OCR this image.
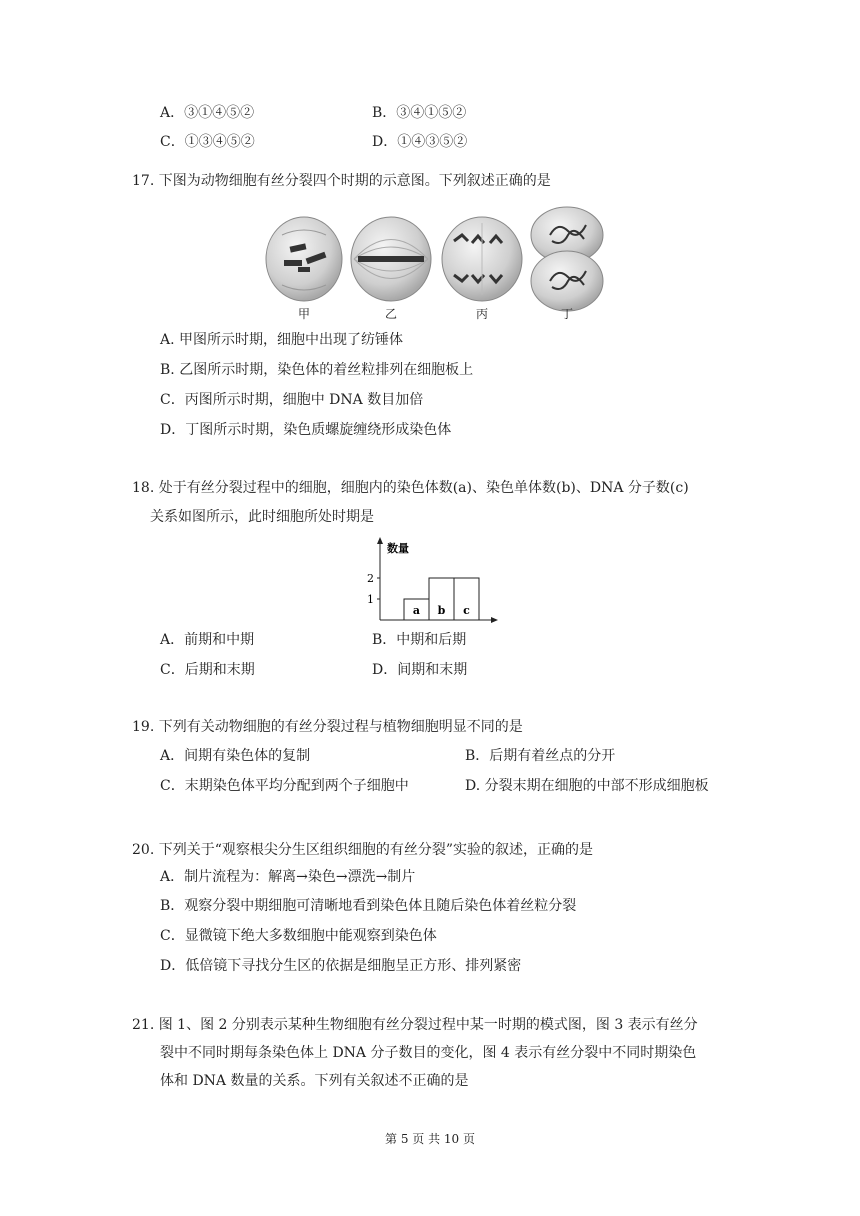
A．③①④⑤②	B．③④①⑤②
C．①③④⑤②	D．①④③⑤②
17. 下图为动物细胞有丝分裂四个时期的示意图。下列叙述正确的是
甲	乙	丙	丁
A. 甲图所示时期，细胞中出现了纺锤体
B. 乙图所示时期，染色体的着丝粒排列在细胞板上
C．丙图所示时期，细胞中 DNA 数目加倍
D．丁图所示时期，染色质螺旋缠绕形成染色体
18. 处于有丝分裂过程中的细胞，细胞内的染色体数(a)、染色单体数(b)、DNA 分子数(c)
关系如图所示，此时细胞所处时期是
数量
1
2
a b c
A．前期和中期	B．中期和后期
C．后期和末期	D．间期和末期
19. 下列有关动物细胞的有丝分裂过程与植物细胞明显不同的是
A．间期有染色体的复制	B．后期有着丝点的分开
C．末期染色体平均分配到两个子细胞中	D. 分裂末期在细胞的中部不形成细胞板
20. 下列关于“观察根尖分生区组织细胞的有丝分裂”实验的叙述，正确的是
A．制片流程为：解离→染色→漂洗→制片
B．观察分裂中期细胞可清晰地看到染色体且随后染色体着丝粒分裂
C．显微镜下绝大多数细胞中能观察到染色体
D．低倍镜下寻找分生区的依据是细胞呈正方形、排列紧密
21. 图 1、图 2 分别表示某种生物细胞有丝分裂过程中某一时期的模式图，图 3 表示有丝分
裂中不同时期每条染色体上 DNA 分子数目的变化，图 4 表示有丝分裂中不同时期染色
体和 DNA 数量的关系。下列有关叙述不正确的是
第 5 页 共 10 页
